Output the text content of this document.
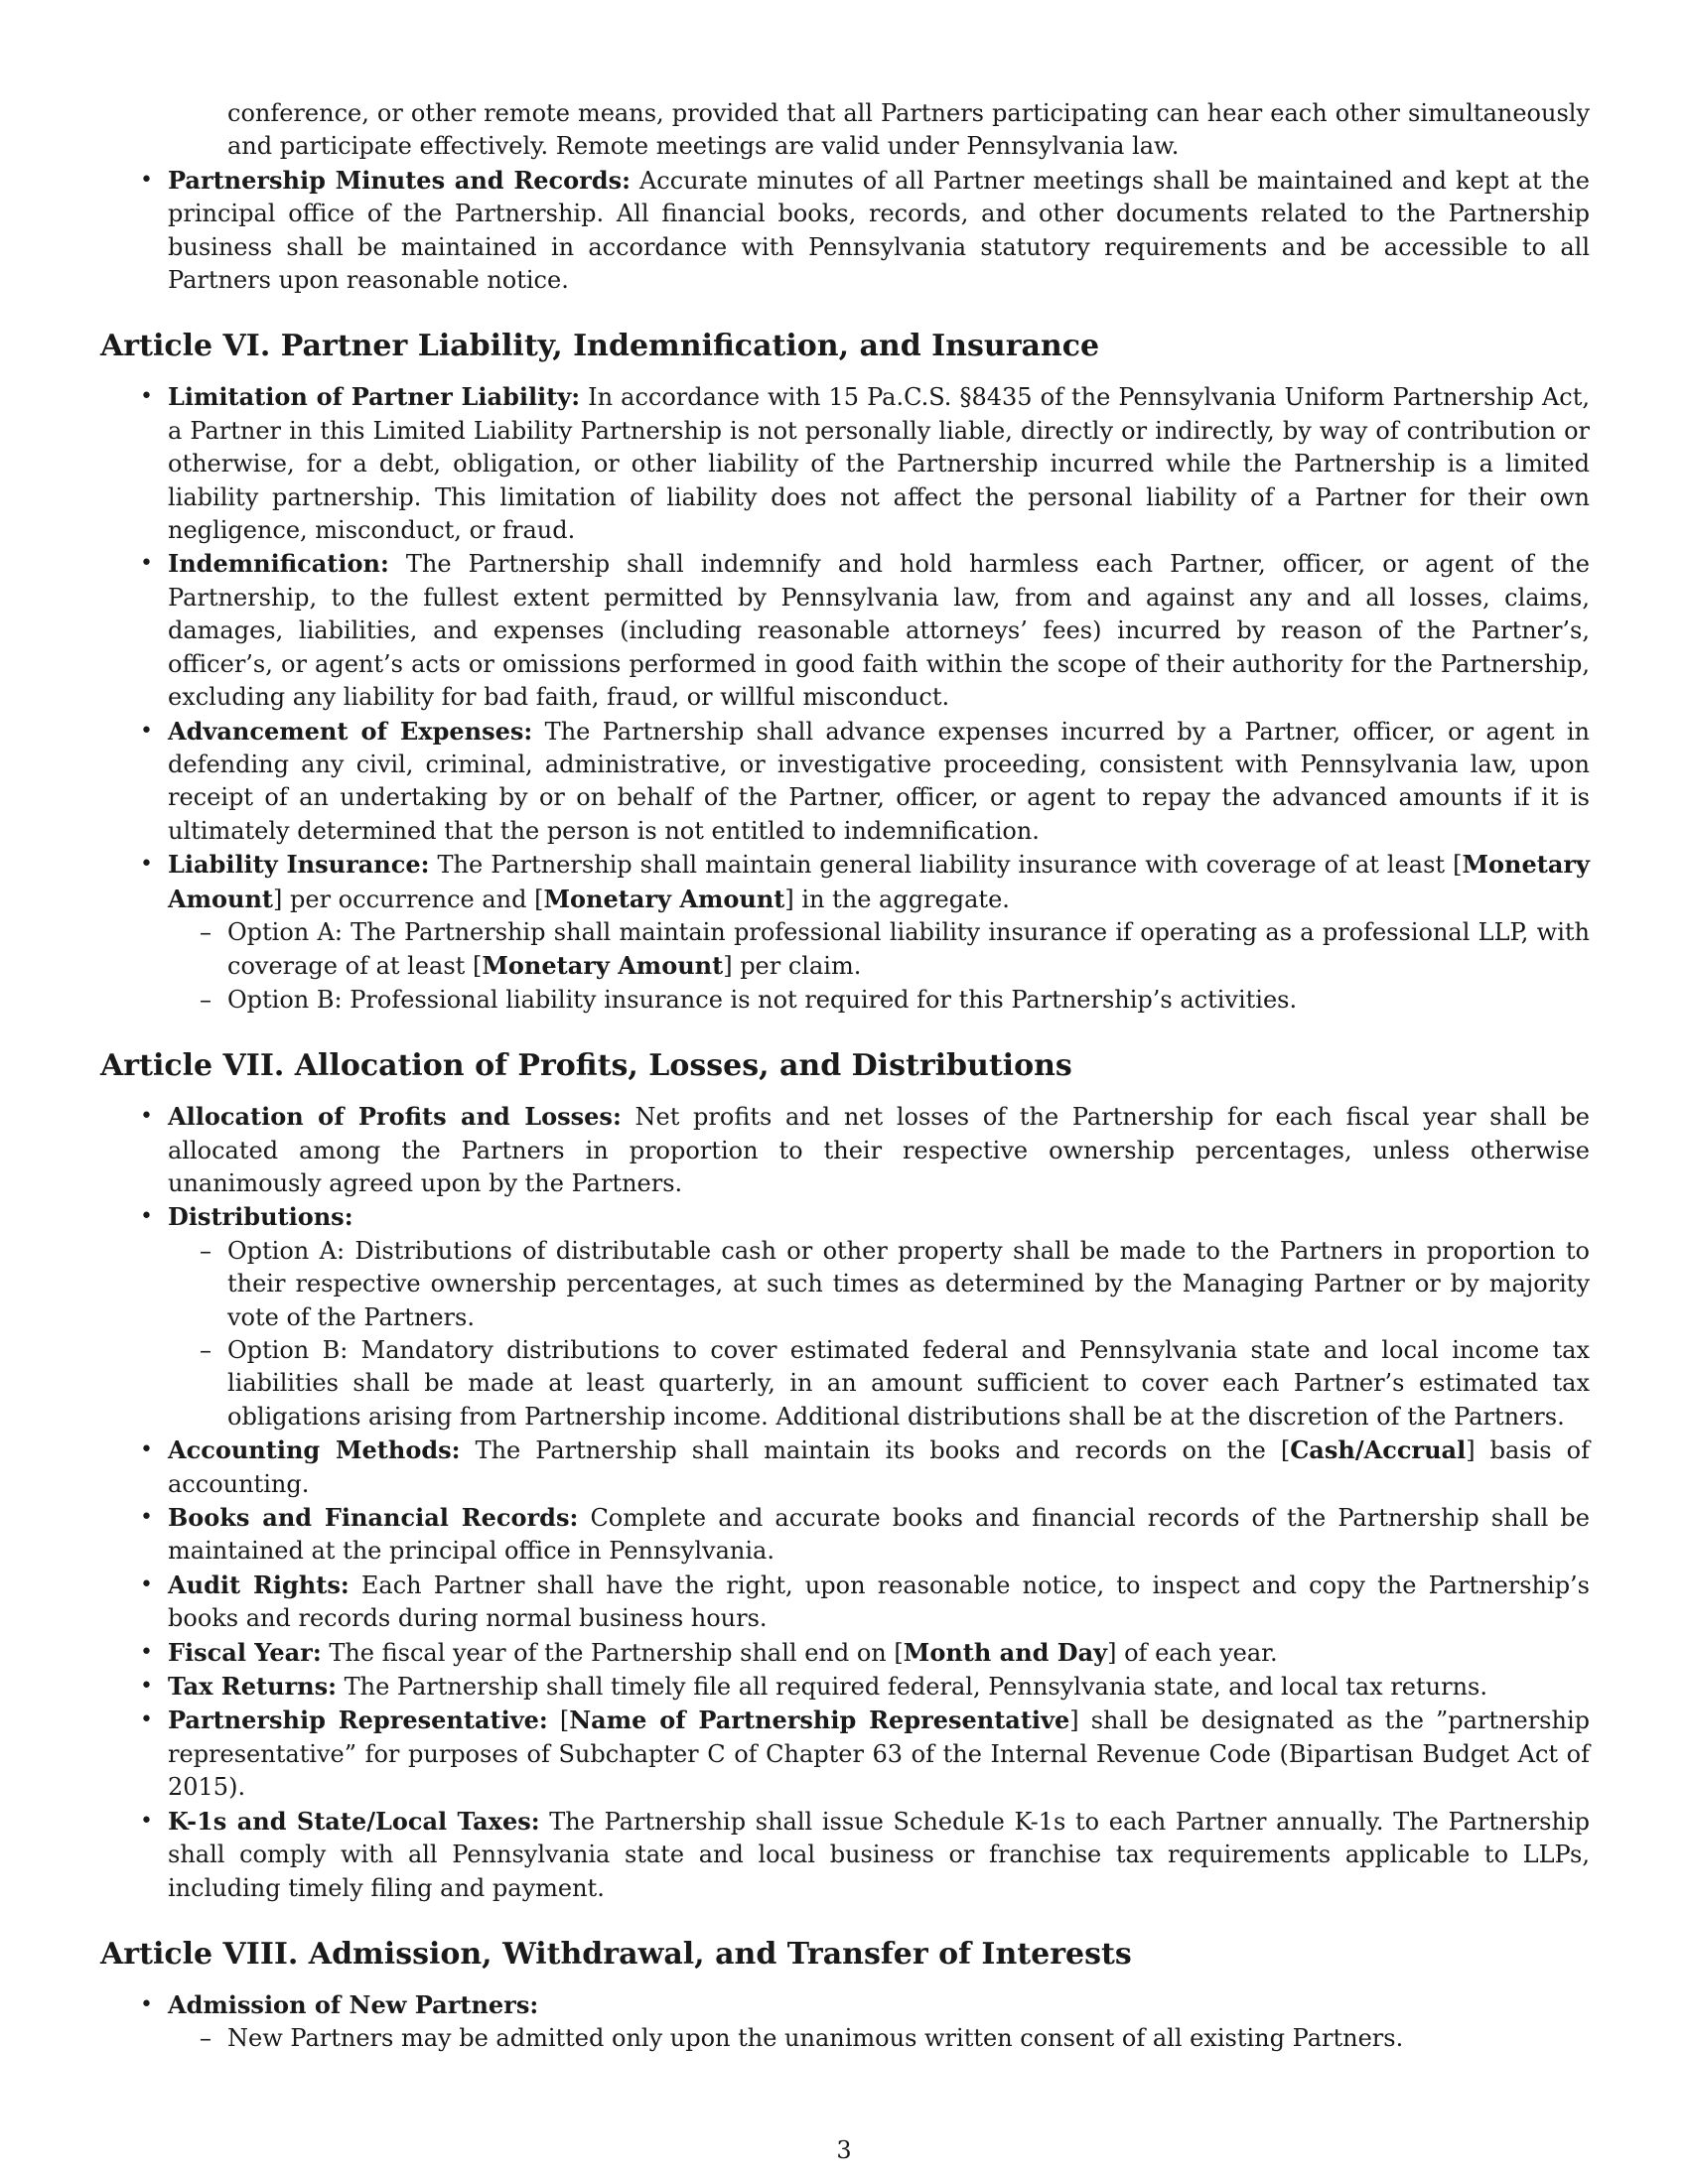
conference, or other remote means, provided that all Partners participating can hear each other simultaneously and participate effectively. Remote meetings are valid under Pennsylvania law.
• Partnership Minutes and Records: Accurate minutes of all Partner meetings shall be maintained and kept at the principal office of the Partnership. All financial books, records, and other documents related to the Partnership business shall be maintained in accordance with Pennsylvania statutory requirements and be accessible to all Partners upon reasonable notice.
Article VI. Partner Liability, Indemnification, and Insurance
• Limitation of Partner Liability: In accordance with 15 Pa.C.S. §8435 of the Pennsylvania Uniform Partnership Act, a Partner in this Limited Liability Partnership is not personally liable, directly or indirectly, by way of contribution or otherwise, for a debt, obligation, or other liability of the Partnership incurred while the Partnership is a limited liability partnership. This limitation of liability does not affect the personal liability of a Partner for their own negligence, misconduct, or fraud.
• Indemnification: The Partnership shall indemnify and hold harmless each Partner, officer, or agent of the Partnership, to the fullest extent permitted by Pennsylvania law, from and against any and all losses, claims, damages, liabilities, and expenses (including reasonable attorneys’ fees) incurred by reason of the Partner’s, officer’s, or agent’s acts or omissions performed in good faith within the scope of their authority for the Partnership, excluding any liability for bad faith, fraud, or willful misconduct.
• Advancement of Expenses: The Partnership shall advance expenses incurred by a Partner, officer, or agent in defending any civil, criminal, administrative, or investigative proceeding, consistent with Pennsylvania law, upon receipt of an undertaking by or on behalf of the Partner, officer, or agent to repay the advanced amounts if it is ultimately determined that the person is not entitled to indemnification.
• Liability Insurance: The Partnership shall maintain general liability insurance with coverage of at least [Monetary Amount] per occurrence and [Monetary Amount] in the aggregate.
– Option A: The Partnership shall maintain professional liability insurance if operating as a professional LLP, with coverage of at least [Monetary Amount] per claim.
– Option B: Professional liability insurance is not required for this Partnership’s activities.
Article VII. Allocation of Profits, Losses, and Distributions
• Allocation of Profits and Losses: Net profits and net losses of the Partnership for each fiscal year shall be allocated among the Partners in proportion to their respective ownership percentages, unless otherwise unanimously agreed upon by the Partners.
• Distributions:
– Option A: Distributions of distributable cash or other property shall be made to the Partners in proportion to their respective ownership percentages, at such times as determined by the Managing Partner or by majority vote of the Partners.
– Option B: Mandatory distributions to cover estimated federal and Pennsylvania state and local income tax liabilities shall be made at least quarterly, in an amount sufficient to cover each Partner’s estimated tax obligations arising from Partnership income. Additional distributions shall be at the discretion of the Partners.
• Accounting Methods: The Partnership shall maintain its books and records on the [Cash/Accrual] basis of accounting.
• Books and Financial Records: Complete and accurate books and financial records of the Partnership shall be maintained at the principal office in Pennsylvania.
• Audit Rights: Each Partner shall have the right, upon reasonable notice, to inspect and copy the Partnership’s books and records during normal business hours.
• Fiscal Year: The fiscal year of the Partnership shall end on [Month and Day] of each year.
• Tax Returns: The Partnership shall timely file all required federal, Pennsylvania state, and local tax returns.
• Partnership Representative: [Name of Partnership Representative] shall be designated as the ”partnership representative” for purposes of Subchapter C of Chapter 63 of the Internal Revenue Code (Bipartisan Budget Act of 2015).
• K-1s and State/Local Taxes: The Partnership shall issue Schedule K-1s to each Partner annually. The Partnership shall comply with all Pennsylvania state and local business or franchise tax requirements applicable to LLPs, including timely filing and payment.
Article VIII. Admission, Withdrawal, and Transfer of Interests
• Admission of New Partners:
– New Partners may be admitted only upon the unanimous written consent of all existing Partners.
3
